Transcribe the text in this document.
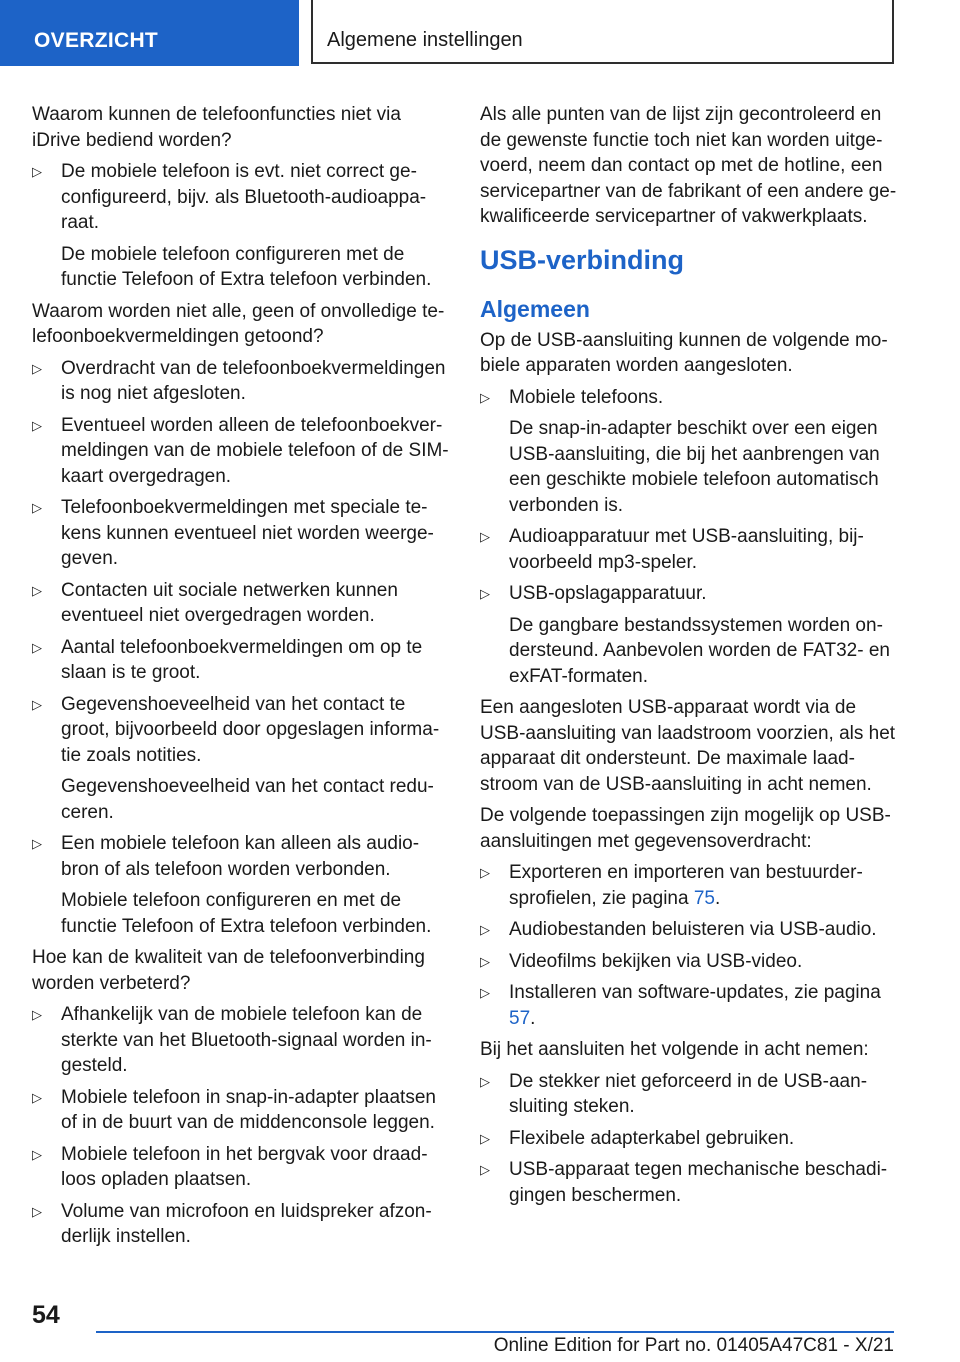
OVERZICHT	Algemene instellingen

Waarom kunnen de telefoonfuncties niet via iDrive bediend worden?

▷ De mobiele telefoon is evt. niet correct geconfigureerd, bijv. als Bluetooth-audioapparaat.
De mobiele telefoon configureren met de functie Telefoon of Extra telefoon verbinden.

Waarom worden niet alle, geen of onvolledige telefoonboekvermeldingen getoond?

▷ Overdracht van de telefoonboekvermeldingen is nog niet afgesloten.
▷ Eventueel worden alleen de telefoonboekvermeldingen van de mobiele telefoon of de SIM-kaart overgedragen.
▷ Telefoonboekvermeldingen met speciale tekens kunnen eventueel niet worden weergegeven.
▷ Contacten uit sociale netwerken kunnen eventueel niet overgedragen worden.
▷ Aantal telefoonboekvermeldingen om op te slaan is te groot.
▷ Gegevenshoeveelheid van het contact te groot, bijvoorbeeld door opgeslagen informatie zoals notities.
Gegevenshoeveelheid van het contact reduceren.
▷ Een mobiele telefoon kan alleen als audiobron of als telefoon worden verbonden.
Mobiele telefoon configureren en met de functie Telefoon of Extra telefoon verbinden.

Hoe kan de kwaliteit van de telefoonverbinding worden verbeterd?

▷ Afhankelijk van de mobiele telefoon kan de sterkte van het Bluetooth-signaal worden ingesteld.
▷ Mobiele telefoon in snap-in-adapter plaatsen of in de buurt van de middenconsole leggen.
▷ Mobiele telefoon in het bergvak voor draadloos opladen plaatsen.
▷ Volume van microfoon en luidspreker afzonderlijk instellen.

Als alle punten van de lijst zijn gecontroleerd en de gewenste functie toch niet kan worden uitgevoerd, neem dan contact op met de hotline, een servicepartner van de fabrikant of een andere gekwalificeerde servicepartner of vakwerkplaats.

USB-verbinding
Algemeen

Op de USB-aansluiting kunnen de volgende mobiele apparaten worden aangesloten.

▷ Mobiele telefoons.
De snap-in-adapter beschikt over een eigen USB-aansluiting, die bij het aanbrengen van een geschikte mobiele telefoon automatisch verbonden is.
▷ Audioapparatuur met USB-aansluiting, bijvoorbeeld mp3-speler.
▷ USB-opslagapparatuur.
De gangbare bestandssystemen worden ondersteund. Aanbevolen worden de FAT32- en exFAT-formaten.

Een aangesloten USB-apparaat wordt via de USB-aansluiting van laadstroom voorzien, als het apparaat dit ondersteunt. De maximale laadstroom van de USB-aansluiting in acht nemen.

De volgende toepassingen zijn mogelijk op USB-aansluitingen met gegevensoverdracht:

▷ Exporteren en importeren van bestuurdersprofielen, zie pagina 75.
▷ Audiobestanden beluisteren via USB-audio.
▷ Videofilms bekijken via USB-video.
▷ Installeren van software-updates, zie pagina 57.

Bij het aansluiten het volgende in acht nemen:

▷ De stekker niet geforceerd in de USB-aansluiting steken.
▷ Flexibele adapterkabel gebruiken.
▷ USB-apparaat tegen mechanische beschadigingen beschermen.
54
Online Edition for Part no. 01405A47C81 - X/21
